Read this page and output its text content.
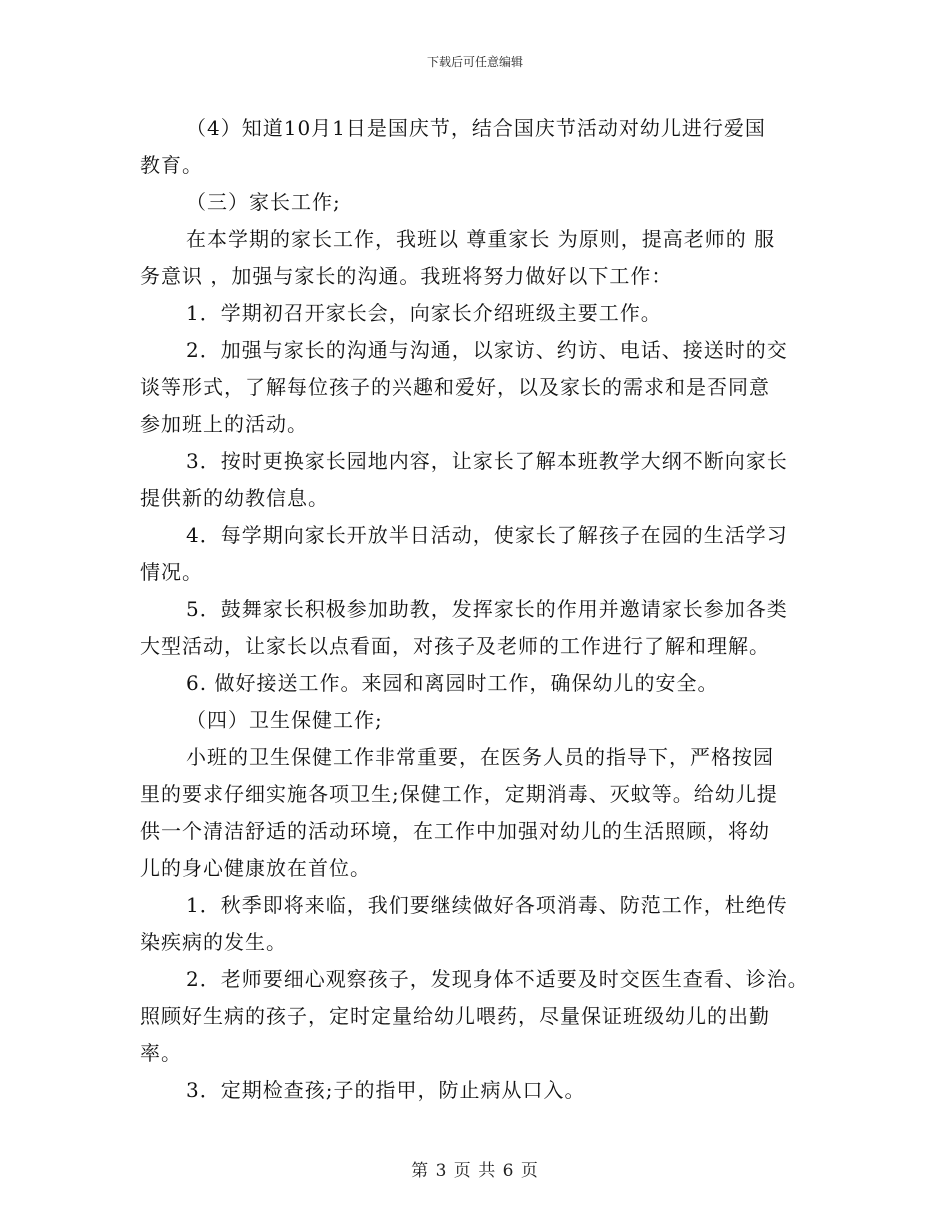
下载后可任意编辑
（4）知道10月1日是国庆节，结合国庆节活动对幼儿进行爱国
教育。
（三）家长工作;
在本学期的家长工作，我班以 尊重家长 为原则，提高老师的 服
务意识 ，加强与家长的沟通。我班将努力做好以下工作：
1．学期初召开家长会，向家长介绍班级主要工作。
2．加强与家长的沟通与沟通，以家访、约访、电话、接送时的交
谈等形式，了解每位孩子的兴趣和爱好，以及家长的需求和是否同意
参加班上的活动。
3．按时更换家长园地内容，让家长了解本班教学大纲不断向家长
提供新的幼教信息。
4．每学期向家长开放半日活动，使家长了解孩子在园的生活学习
情况。
5．鼓舞家长积极参加助教，发挥家长的作用并邀请家长参加各类
大型活动，让家长以点看面，对孩子及老师的工作进行了解和理解。
6. 做好接送工作。来园和离园时工作，确保幼儿的安全。
（四）卫生保健工作;
小班的卫生保健工作非常重要，在医务人员的指导下，严格按园
里的要求仔细实施各项卫生;保健工作，定期消毒、灭蚊等。给幼儿提
供一个清洁舒适的活动环境，在工作中加强对幼儿的生活照顾，将幼
儿的身心健康放在首位。
1．秋季即将来临，我们要继续做好各项消毒、防范工作，杜绝传
染疾病的发生。
2．老师要细心观察孩子，发现身体不适要及时交医生查看、诊治。
照顾好生病的孩子，定时定量给幼儿喂药，尽量保证班级幼儿的出勤
率。
3．定期检查孩;子的指甲，防止病从口入。
第 3 页 共 6 页
